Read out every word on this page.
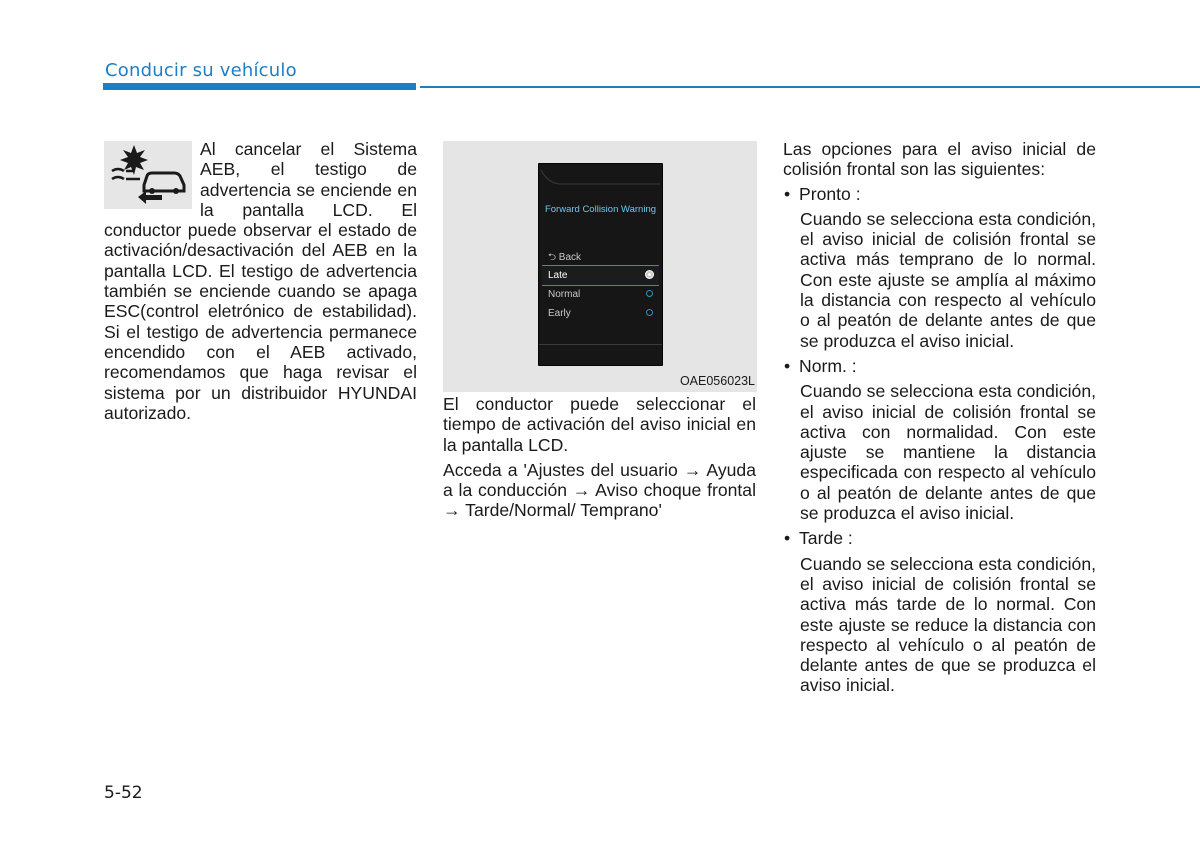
Conducir su vehículo

Al cancelar el Sistema AEB, el testigo de advertencia se enciende en la pantalla LCD. El conductor puede observar el estado de activación/desactivación del AEB en la pantalla LCD. El testigo de advertencia también se enciende cuando se apaga ESC(control eletrónico de estabilidad). Si el testigo de advertencia permanece encendido con el AEB activado, recomendamos que haga revisar el sistema por un distribuidor HYUNDAI autorizado.

Forward Collision Warning
⮌ Back
Late
Normal
Early
OAE056023L

El conductor puede seleccionar el tiempo de activación del aviso inicial en la pantalla LCD.

Acceda a 'Ajustes del usuario → Ayuda a la conducción → Aviso choque frontal → Tarde/Normal/ Temprano'

Las opciones para el aviso inicial de colisión frontal son las siguientes:

• Pronto :

Cuando se selecciona esta condición, el aviso inicial de colisión frontal se activa más temprano de lo normal. Con este ajuste se amplía al máximo la distancia con respecto al vehículo o al peatón de delante antes de que se produzca el aviso inicial.

• Norm. :

Cuando se selecciona esta condición, el aviso inicial de colisión frontal se activa con normalidad. Con este ajuste se mantiene la distancia especificada con respecto al vehículo o al peatón de delante antes de que se produzca el aviso inicial.

• Tarde :

Cuando se selecciona esta condición, el aviso inicial de colisión frontal se activa más tarde de lo normal. Con este ajuste se reduce la distancia con respecto al vehículo o al peatón de delante antes de que se produzca el aviso inicial.

5-52
